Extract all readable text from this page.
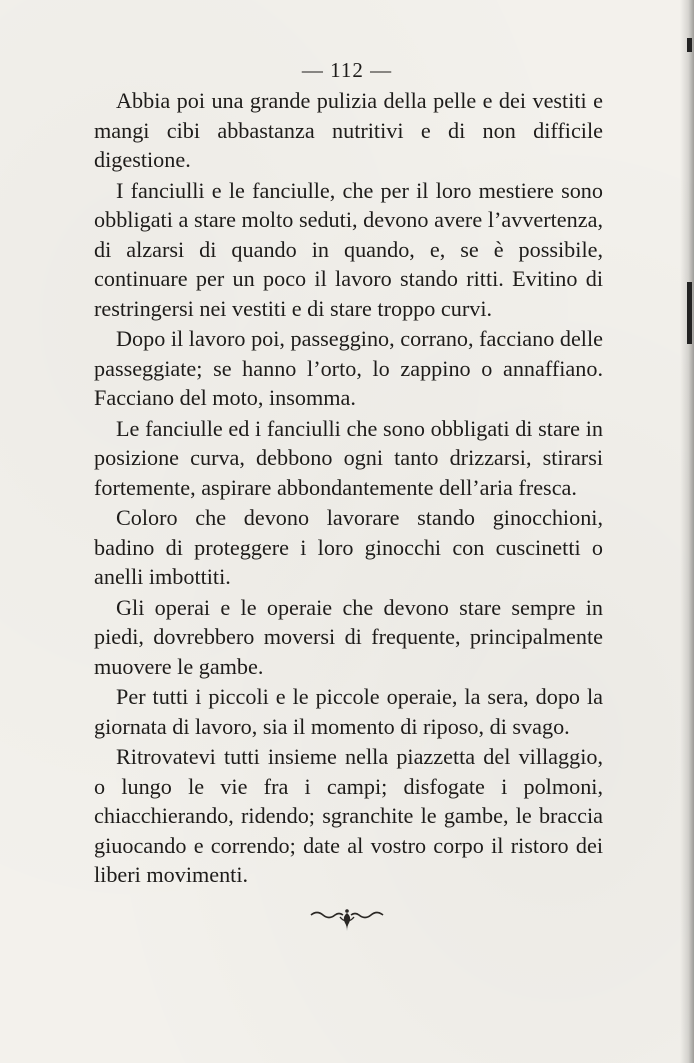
— 112 —

Abbia poi una grande pulizia della pelle e dei vestiti e mangi cibi abbastanza nutritivi e di non difficile digestione.

I fanciulli e le fanciulle, che per il loro mestiere sono obbligati a stare molto seduti, devono avere l’avvertenza, di alzarsi di quando in quando, e, se è possibile, continuare per un poco il lavoro stando ritti. Evitino di restringersi nei vestiti e di stare troppo curvi.

Dopo il lavoro poi, passeggino, corrano, facciano delle passeggiate; se hanno l’orto, lo zappino o annaffiano. Facciano del moto, insomma.

Le fanciulle ed i fanciulli che sono obbligati di stare in posizione curva, debbono ogni tanto drizzarsi, stirarsi fortemente, aspirare abbondantemente dell’aria fresca.

Coloro che devono lavorare stando ginocchioni, badino di proteggere i loro ginocchi con cuscinetti o anelli imbottiti.

Gli operai e le operaie che devono stare sempre in piedi, dovrebbero moversi di frequente, principalmente muovere le gambe.

Per tutti i piccoli e le piccole operaie, la sera, dopo la giornata di lavoro, sia il momento di riposo, di svago.

Ritrovatevi tutti insieme nella piazzetta del villaggio, o lungo le vie fra i campi; disfogate i polmoni, chiacchierando, ridendo; sgranchite le gambe, le braccia giuocando e correndo; date al vostro corpo il ristoro dei liberi movimenti.
